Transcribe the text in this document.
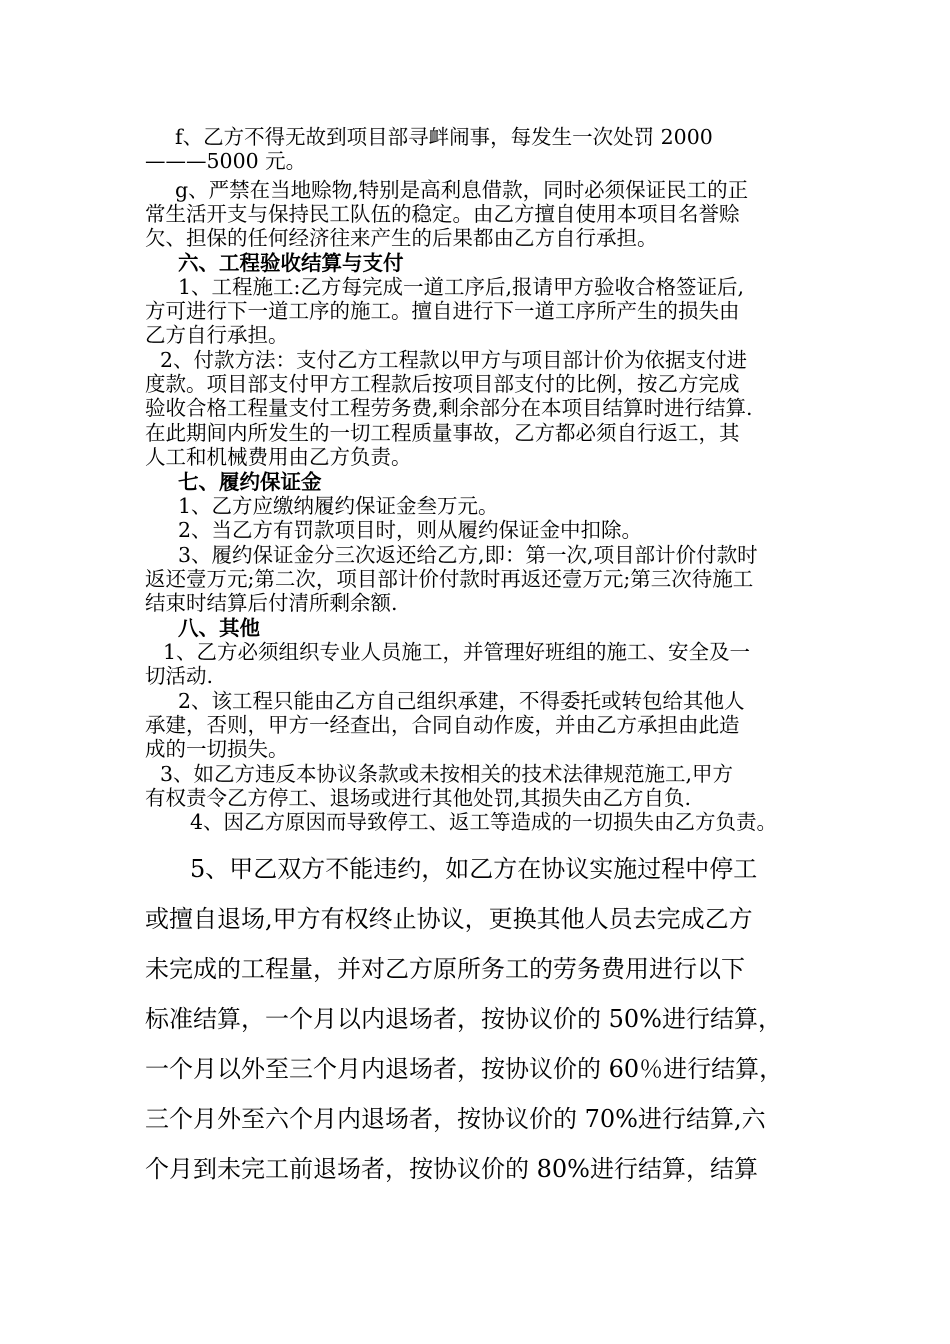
f、乙方不得无故到项目部寻衅闹事，每发生一次处罚 2000
———5000 元。
g、严禁在当地赊物,特别是高利息借款，同时必须保证民工的正
常生活开支与保持民工队伍的稳定。由乙方擅自使用本项目名誉赊
欠、担保的任何经济往来产生的后果都由乙方自行承担。
六、工程验收结算与支付
1、工程施工:乙方每完成一道工序后,报请甲方验收合格签证后,
方可进行下一道工序的施工。擅自进行下一道工序所产生的损失由
乙方自行承担。
2、付款方法：支付乙方工程款以甲方与项目部计价为依据支付进
度款。项目部支付甲方工程款后按项目部支付的比例，按乙方完成
验收合格工程量支付工程劳务费,剩余部分在本项目结算时进行结算.
在此期间内所发生的一切工程质量事故，乙方都必须自行返工，其
人工和机械费用由乙方负责。
七、履约保证金
1、乙方应缴纳履约保证金叁万元。
2、当乙方有罚款项目时，则从履约保证金中扣除。
3、履约保证金分三次返还给乙方,即：第一次,项目部计价付款时
返还壹万元;第二次，项目部计价付款时再返还壹万元;第三次待施工
结束时结算后付清所剩余额.
八、其他
1、乙方必须组织专业人员施工，并管理好班组的施工、安全及一
切活动.
2、该工程只能由乙方自己组织承建，不得委托或转包给其他人
承建，否则，甲方一经查出，合同自动作废，并由乙方承担由此造
成的一切损失。
3、如乙方违反本协议条款或未按相关的技术法律规范施工,甲方
有权责令乙方停工、退场或进行其他处罚,其损失由乙方自负.
4、因乙方原因而导致停工、返工等造成的一切损失由乙方负责。
5、甲乙双方不能违约，如乙方在协议实施过程中停工
或擅自退场,甲方有权终止协议，更换其他人员去完成乙方
未完成的工程量，并对乙方原所务工的劳务费用进行以下
标准结算，一个月以内退场者，按协议价的 50%进行结算，
一个月以外至三个月内退场者，按协议价的 60％进行结算，
三个月外至六个月内退场者，按协议价的 70%进行结算,六
个月到未完工前退场者，按协议价的 80%进行结算，结算
